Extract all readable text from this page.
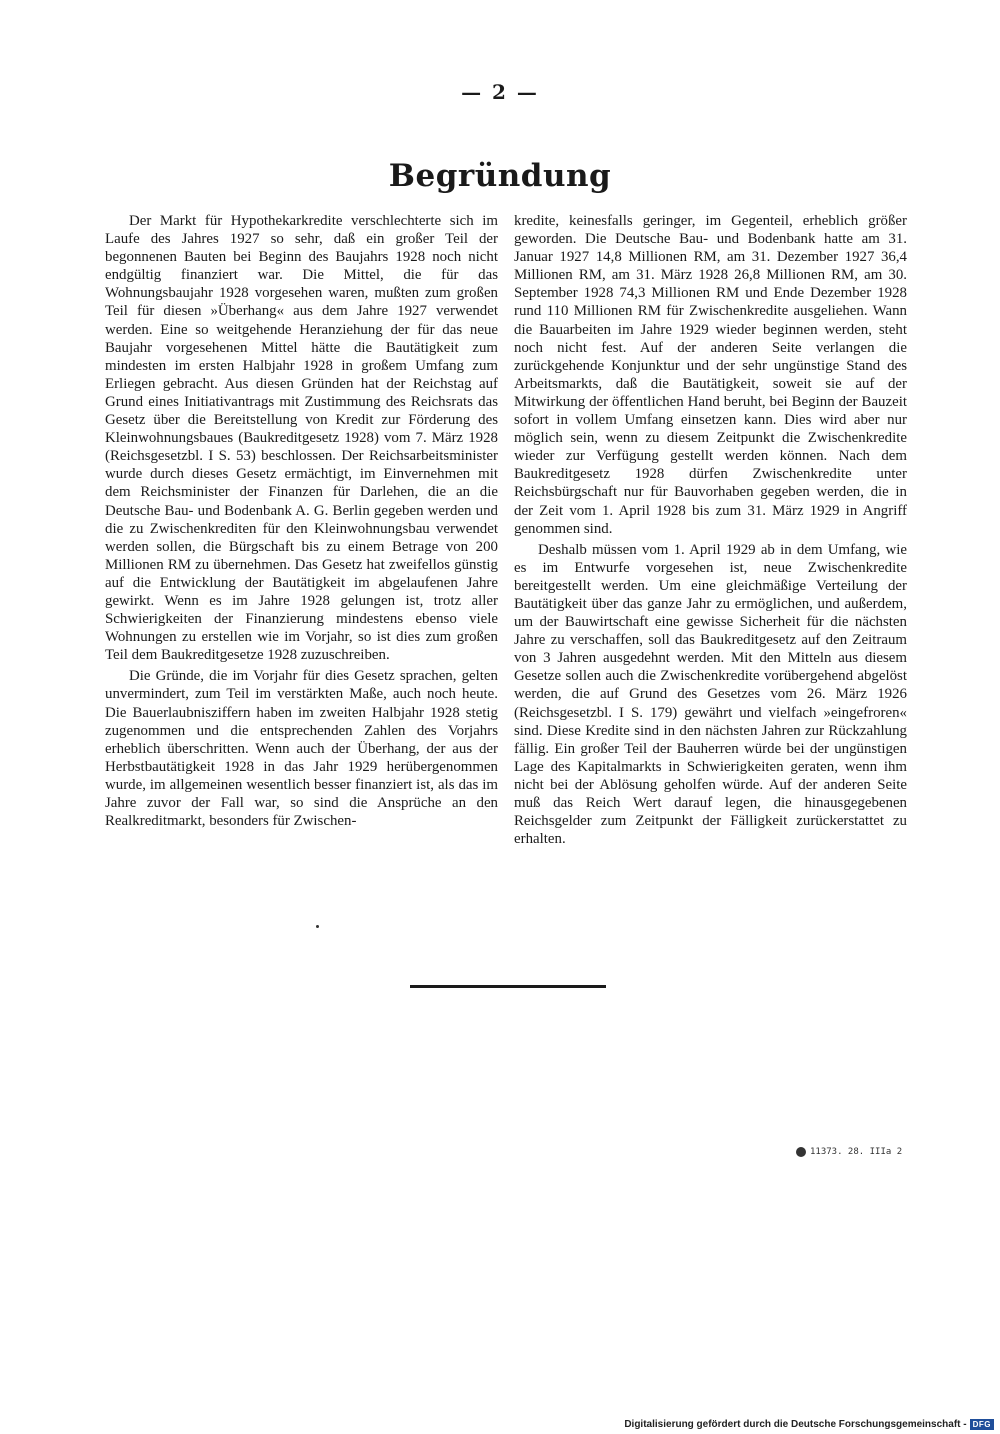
— 2 —
Begründung

Der Markt für Hypothekarkredite verschlechterte sich im Laufe des Jahres 1927 so sehr, daß ein großer Teil der begonnenen Bauten bei Beginn des Baujahrs 1928 noch nicht endgültig finanziert war. Die Mittel, die für das Wohnungsbaujahr 1928 vorgesehen waren, mußten zum großen Teil für diesen »Überhang« aus dem Jahre 1927 verwendet werden. Eine so weitgehende Heranziehung der für das neue Baujahr vorgesehenen Mittel hätte die Bautätigkeit zum mindesten im ersten Halbjahr 1928 in großem Umfang zum Erliegen gebracht. Aus diesen Gründen hat der Reichstag auf Grund eines Initiativantrags mit Zustimmung des Reichsrats das Gesetz über die Bereitstellung von Kredit zur Förderung des Kleinwohnungsbaues (Baukreditgesetz 1928) vom 7. März 1928 (Reichsgesetzbl. I S. 53) beschlossen. Der Reichsarbeitsminister wurde durch dieses Gesetz ermächtigt, im Einvernehmen mit dem Reichsminister der Finanzen für Darlehen, die an die Deutsche Bau- und Bodenbank A. G. Berlin gegeben werden und die zu Zwischenkrediten für den Kleinwohnungsbau verwendet werden sollen, die Bürgschaft bis zu einem Betrage von 200 Millionen RM zu übernehmen. Das Gesetz hat zweifellos günstig auf die Entwicklung der Bautätigkeit im abgelaufenen Jahre gewirkt. Wenn es im Jahre 1928 gelungen ist, trotz aller Schwierigkeiten der Finanzierung mindestens ebenso viele Wohnungen zu erstellen wie im Vorjahr, so ist dies zum großen Teil dem Baukreditgesetze 1928 zuzuschreiben.

Die Gründe, die im Vorjahr für dies Gesetz sprachen, gelten unvermindert, zum Teil im verstärkten Maße, auch noch heute. Die Bauerlaubnisziffern haben im zweiten Halbjahr 1928 stetig zugenommen und die entsprechenden Zahlen des Vorjahrs erheblich überschritten. Wenn auch der Überhang, der aus der Herbstbautätigkeit 1928 in das Jahr 1929 herübergenommen wurde, im allgemeinen wesentlich besser finanziert ist, als das im Jahre zuvor der Fall war, so sind die Ansprüche an den Realkreditmarkt, besonders für Zwischen-

kredite, keinesfalls geringer, im Gegenteil, erheblich größer geworden. Die Deutsche Bau- und Bodenbank hatte am 31. Januar 1927 14,8 Millionen RM, am 31. Dezember 1927 36,4 Millionen RM, am 31. März 1928 26,8 Millionen RM, am 30. September 1928 74,3 Millionen RM und Ende Dezember 1928 rund 110 Millionen RM für Zwischenkredite ausgeliehen. Wann die Bauarbeiten im Jahre 1929 wieder beginnen werden, steht noch nicht fest. Auf der anderen Seite verlangen die zurückgehende Konjunktur und der sehr ungünstige Stand des Arbeitsmarkts, daß die Bautätigkeit, soweit sie auf der Mitwirkung der öffentlichen Hand beruht, bei Beginn der Bauzeit sofort in vollem Umfang einsetzen kann. Dies wird aber nur möglich sein, wenn zu diesem Zeitpunkt die Zwischenkredite wieder zur Verfügung gestellt werden können. Nach dem Baukreditgesetz 1928 dürfen Zwischenkredite unter Reichsbürgschaft nur für Bauvorhaben gegeben werden, die in der Zeit vom 1. April 1928 bis zum 31. März 1929 in Angriff genommen sind.

Deshalb müssen vom 1. April 1929 ab in dem Umfang, wie es im Entwurfe vorgesehen ist, neue Zwischenkredite bereitgestellt werden. Um eine gleichmäßige Verteilung der Bautätigkeit über das ganze Jahr zu ermöglichen, und außerdem, um der Bauwirtschaft eine gewisse Sicherheit für die nächsten Jahre zu verschaffen, soll das Baukreditgesetz auf den Zeitraum von 3 Jahren ausgedehnt werden. Mit den Mitteln aus diesem Gesetze sollen auch die Zwischenkredite vorübergehend abgelöst werden, die auf Grund des Gesetzes vom 26. März 1926 (Reichsgesetzbl. I S. 179) gewährt und vielfach »eingefroren« sind. Diese Kredite sind in den nächsten Jahren zur Rückzahlung fällig. Ein großer Teil der Bauherren würde bei der ungünstigen Lage des Kapitalmarkts in Schwierigkeiten geraten, wenn ihm nicht bei der Ablösung geholfen würde. Auf der anderen Seite muß das Reich Wert darauf legen, die hinausgegebenen Reichsgelder zum Zeitpunkt der Fälligkeit zurückerstattet zu erhalten.

11373. 28. IIIa 2
Digitalisierung gefördert durch die Deutsche Forschungsgemeinschaft - DFG
